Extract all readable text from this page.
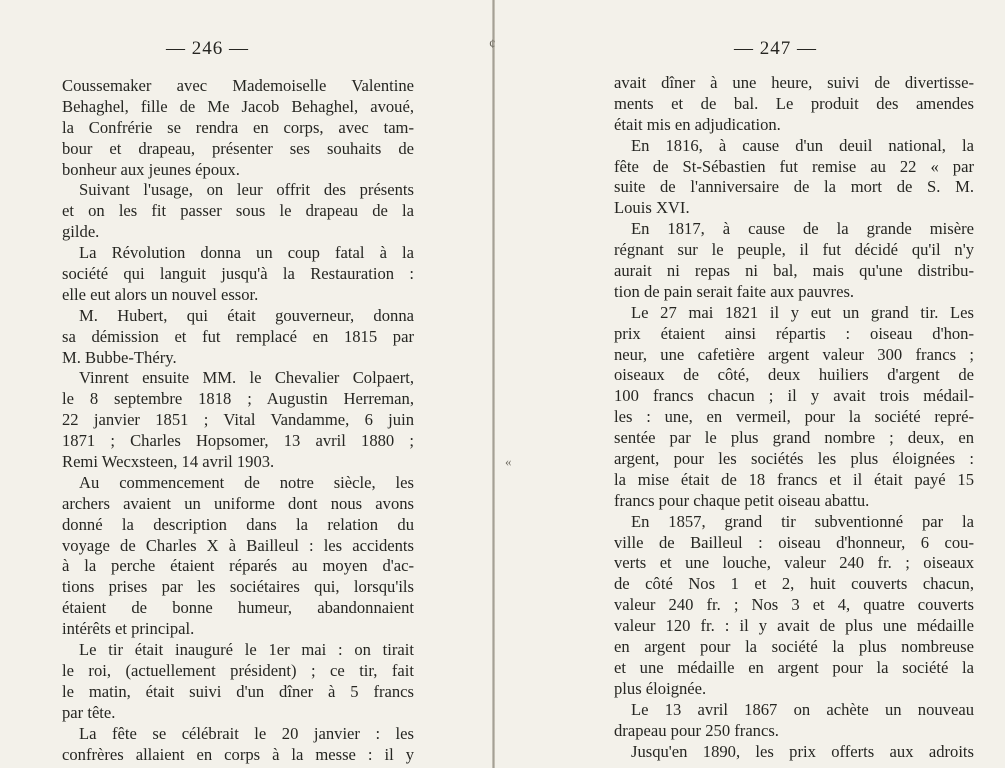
— 246 —
Coussemaker avec Mademoiselle Valentine
Behaghel, fille de Me Jacob Behaghel, avoué,
la Confrérie se rendra en corps, avec tam-
bour et drapeau, présenter ses souhaits de
bonheur aux jeunes époux.
Suivant l'usage, on leur offrit des présents
et on les fit passer sous le drapeau de la
gilde.
La Révolution donna un coup fatal à la
société qui languit jusqu'à la Restauration :
elle eut alors un nouvel essor.
M. Hubert, qui était gouverneur, donna
sa démission et fut remplacé en 1815 par
M. Bubbe-Théry.
Vinrent ensuite MM. le Chevalier Colpaert,
le 8 septembre 1818 ; Augustin Herreman,
22 janvier 1851 ; Vital Vandamme, 6 juin
1871 ; Charles Hopsomer, 13 avril 1880 ;
Remi Wecxsteen, 14 avril 1903.
Au commencement de notre siècle, les
archers avaient un uniforme dont nous avons
donné la description dans la relation du
voyage de Charles X à Bailleul : les accidents
à la perche étaient réparés au moyen d'ac-
tions prises par les sociétaires qui, lorsqu'ils
étaient de bonne humeur, abandonnaient
intérêts et principal.
Le tir était inauguré le 1er mai : on tirait
le roi, (actuellement président) ; ce tir, fait
le matin, était suivi d'un dîner à 5 francs
par tête.
La fête se célébrait le 20 janvier : les
confrères allaient en corps à la messe : il y
¢
«
— 247 —
avait dîner à une heure, suivi de divertisse-
ments et de bal. Le produit des amendes
était mis en adjudication.
En 1816, à cause d'un deuil national, la
fête de St-Sébastien fut remise au 22 « par
suite de l'anniversaire de la mort de S. M.
Louis XVI.
En 1817, à cause de la grande misère
régnant sur le peuple, il fut décidé qu'il n'y
aurait ni repas ni bal, mais qu'une distribu-
tion de pain serait faite aux pauvres.
Le 27 mai 1821 il y eut un grand tir. Les
prix étaient ainsi répartis : oiseau d'hon-
neur, une cafetière argent valeur 300 francs ;
oiseaux de côté, deux huiliers d'argent de
100 francs chacun ; il y avait trois médail-
les : une, en vermeil, pour la société repré-
sentée par le plus grand nombre ; deux, en
argent, pour les sociétés les plus éloignées :
la mise était de 18 francs et il était payé 15
francs pour chaque petit oiseau abattu.
En 1857, grand tir subventionné par la
ville de Bailleul : oiseau d'honneur, 6 cou-
verts et une louche, valeur 240 fr. ; oiseaux
de côté Nos 1 et 2, huit couverts chacun,
valeur 240 fr. ; Nos 3 et 4, quatre couverts
valeur 120 fr. : il y avait de plus une médaille
en argent pour la société la plus nombreuse
et une médaille en argent pour la société la
plus éloignée.
Le 13 avril 1867 on achète un nouveau
drapeau pour 250 francs.
Jusqu'en 1890, les prix offerts aux adroits
